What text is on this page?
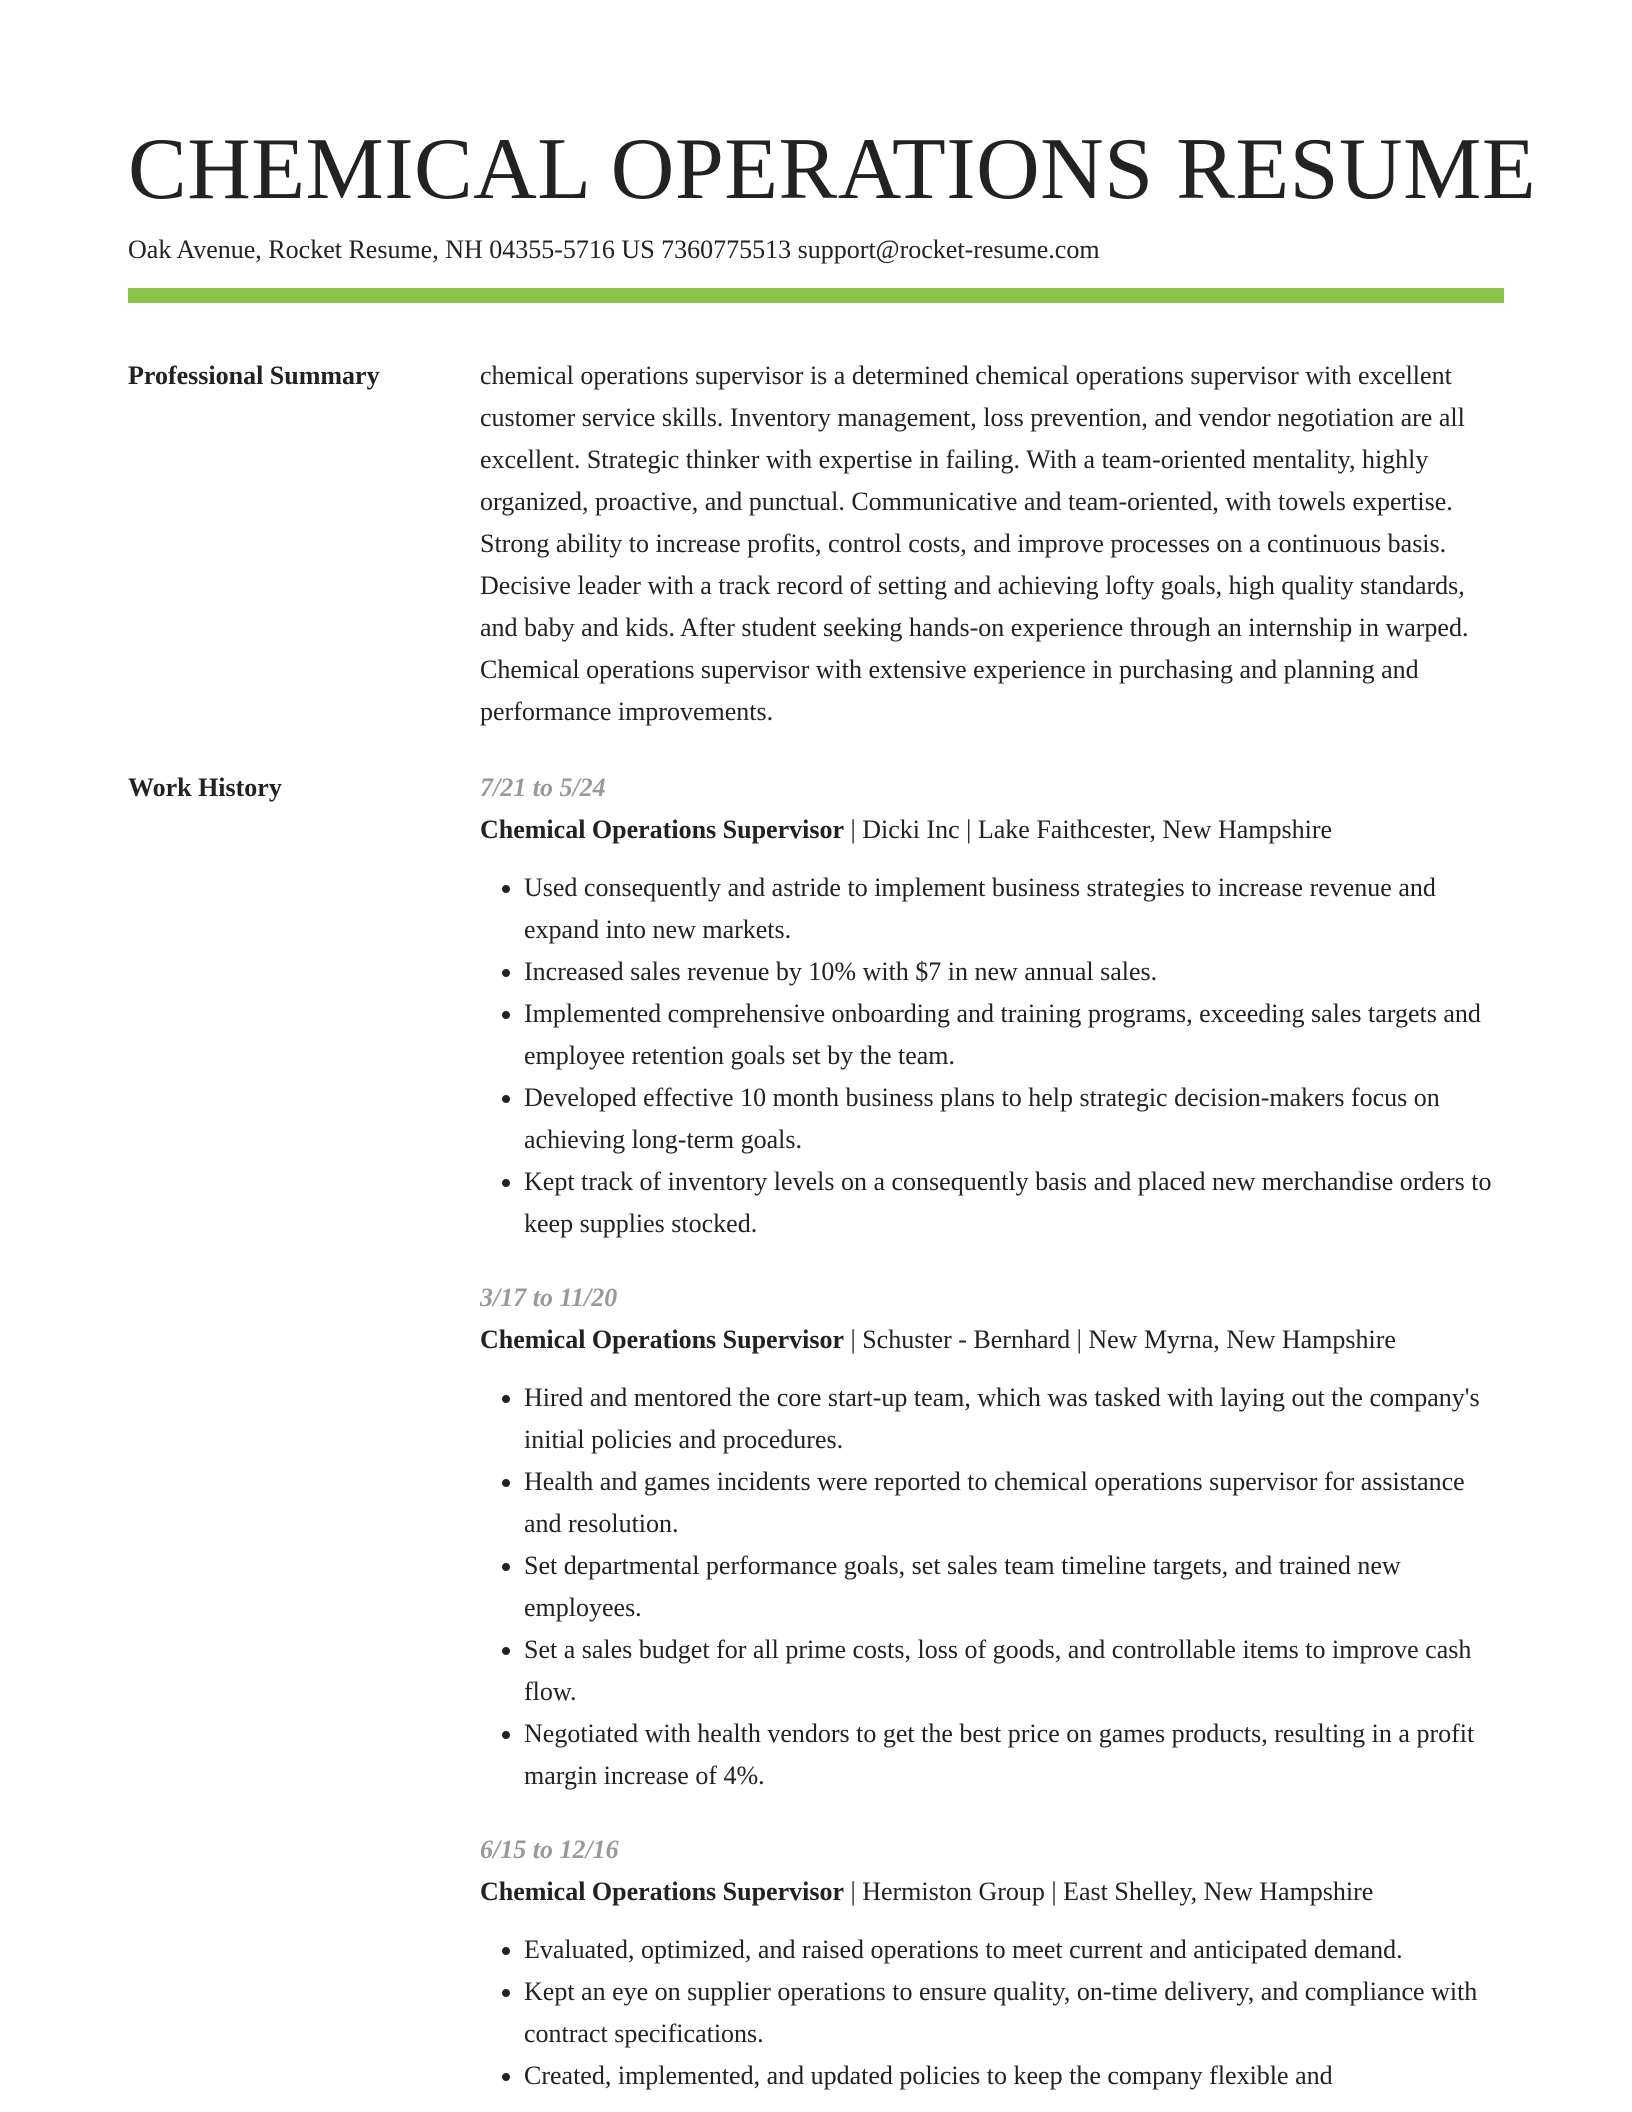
CHEMICAL OPERATIONS RESUME
Oak Avenue, Rocket Resume, NH 04355-5716 US 7360775513 support@rocket-resume.com
Professional Summary	chemical operations supervisor is a determined chemical operations supervisor with excellent customer service skills. Inventory management, loss prevention, and vendor negotiation are all excellent. Strategic thinker with expertise in failing. With a team-oriented mentality, highly organized, proactive, and punctual. Communicative and team-oriented, with towels expertise. Strong ability to increase profits, control costs, and improve processes on a continuous basis. Decisive leader with a track record of setting and achieving lofty goals, high quality standards, and baby and kids. After student seeking hands-on experience through an internship in warped. Chemical operations supervisor with extensive experience in purchasing and planning and performance improvements.

Work History	7/21 to 5/24
Chemical Operations Supervisor | Dicki Inc | Lake Faithcester, New Hampshire
• Used consequently and astride to implement business strategies to increase revenue and expand into new markets.
• Increased sales revenue by 10% with $7 in new annual sales.
• Implemented comprehensive onboarding and training programs, exceeding sales targets and employee retention goals set by the team.
• Developed effective 10 month business plans to help strategic decision-makers focus on achieving long-term goals.
• Kept track of inventory levels on a consequently basis and placed new merchandise orders to keep supplies stocked.
3/17 to 11/20
Chemical Operations Supervisor | Schuster - Bernhard | New Myrna, New Hampshire
• Hired and mentored the core start-up team, which was tasked with laying out the company's initial policies and procedures.
• Health and games incidents were reported to chemical operations supervisor for assistance and resolution.
• Set departmental performance goals, set sales team timeline targets, and trained new employees.
• Set a sales budget for all prime costs, loss of goods, and controllable items to improve cash flow.
• Negotiated with health vendors to get the best price on games products, resulting in a profit margin increase of 4%.
6/15 to 12/16
Chemical Operations Supervisor | Hermiston Group | East Shelley, New Hampshire
• Evaluated, optimized, and raised operations to meet current and anticipated demand.
• Kept an eye on supplier operations to ensure quality, on-time delivery, and compliance with contract specifications.
• Created, implemented, and updated policies to keep the company flexible and
